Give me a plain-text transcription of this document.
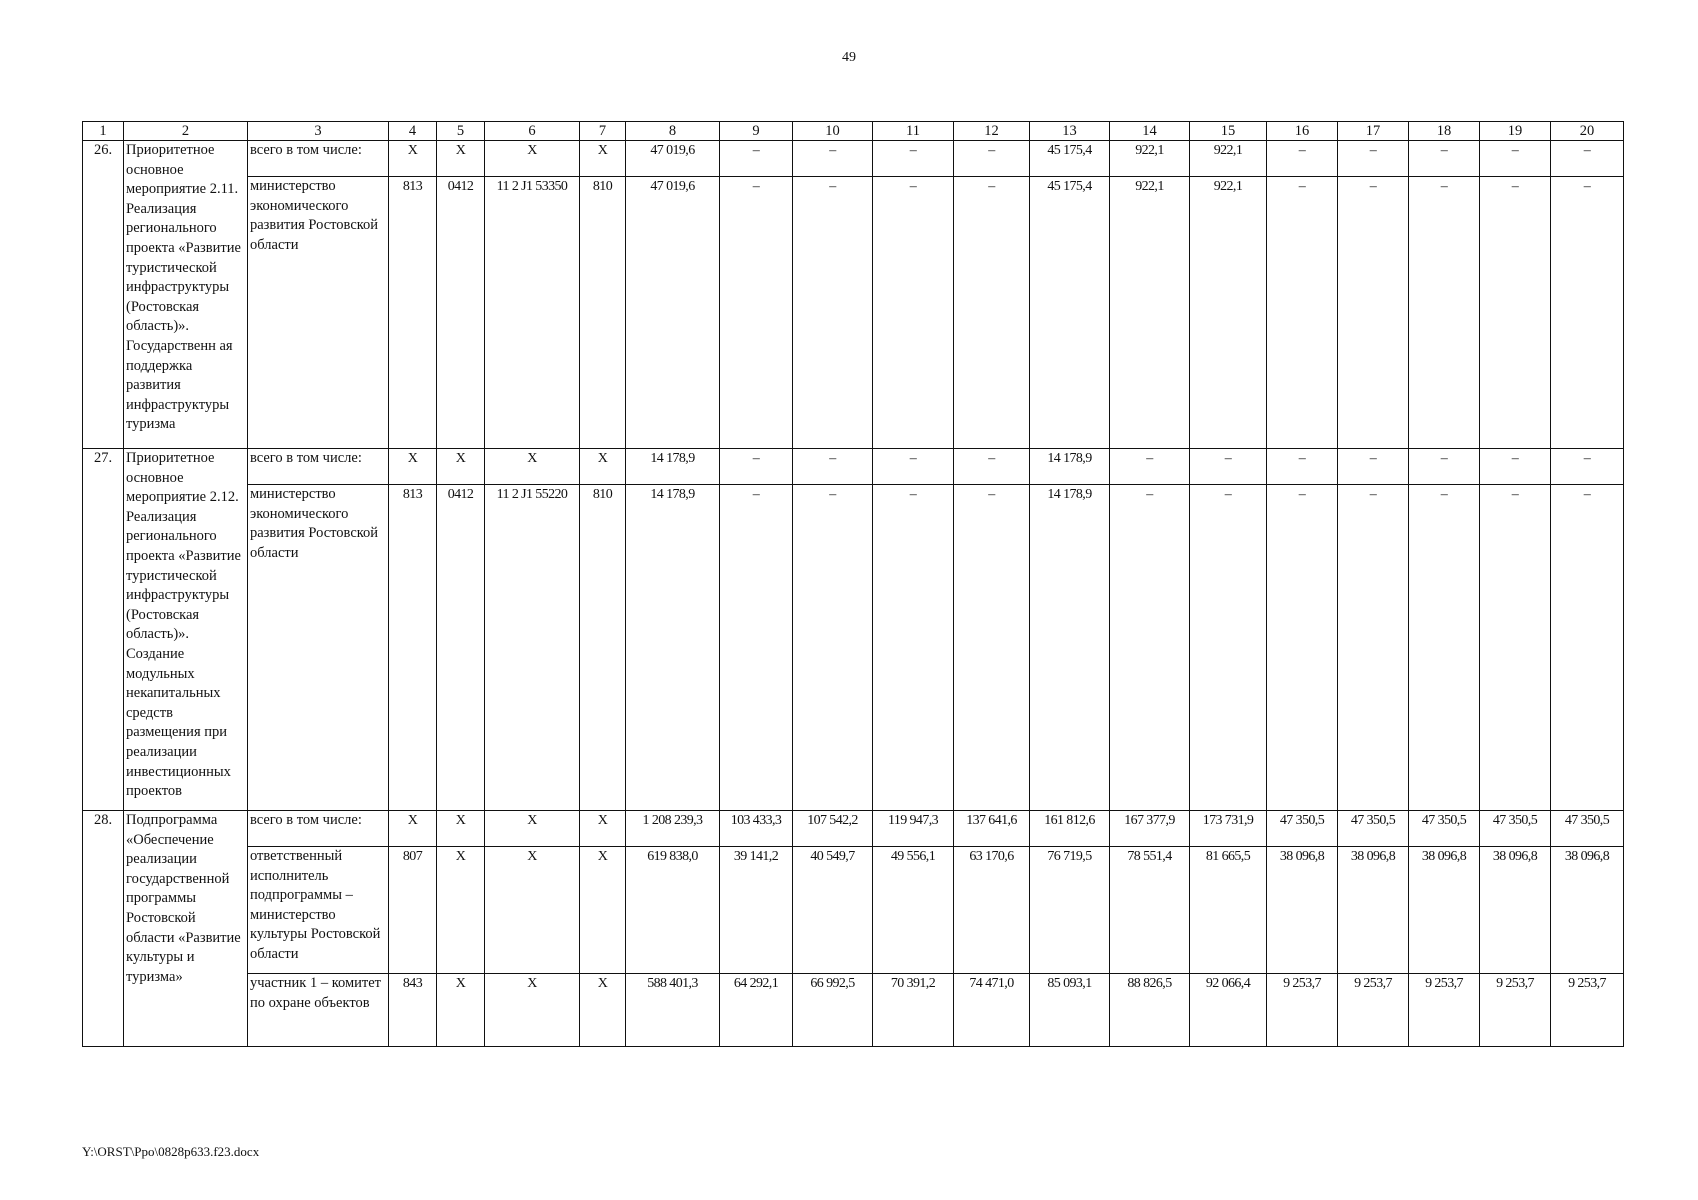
49
1	2	3	4	5	6	7	8	9	10	11	12	13	14	15	16	17	18	19	20
26.	Приоритетное основное мероприятие 2.11. Реализация регионального проекта «Развитие туристической инфраструктуры (Ростовская область)». Государственн ая поддержка развития инфраструктуры туризма	всего в том числе:	X	X	X	X	47 019,6	–	–	–	–	45 175,4	922,1	922,1	–	–	–	–	–
		министерство экономического развития Ростовской области	813	0412	11 2 J1 53350	810	47 019,6	–	–	–	–	45 175,4	922,1	922,1	–	–	–	–	–
27.	Приоритетное основное мероприятие 2.12. Реализация регионального проекта «Развитие туристической инфраструктуры (Ростовская область)». Создание модульных некапитальных средств размещения при реализации инвестиционных проектов	всего в том числе:	X	X	X	X	14 178,9	–	–	–	–	14 178,9	–	–	–	–	–	–	–
		министерство экономического развития Ростовской области	813	0412	11 2 J1 55220	810	14 178,9	–	–	–	–	14 178,9	–	–	–	–	–	–	–
28.	Подпрограмма «Обеспечение реализации государственной программы Ростовской области «Развитие культуры и туризма»	всего в том числе:	X	X	X	X	1 208 239,3	103 433,3	107 542,2	119 947,3	137 641,6	161 812,6	167 377,9	173 731,9	47 350,5	47 350,5	47 350,5	47 350,5	47 350,5
		ответственный исполнитель подпрограммы – министерство культуры Ростовской области	807	X	X	X	619 838,0	39 141,2	40 549,7	49 556,1	63 170,6	76 719,5	78 551,4	81 665,5	38 096,8	38 096,8	38 096,8	38 096,8	38 096,8
		участник 1 – комитет по охране объектов	843	X	X	X	588 401,3	64 292,1	66 992,5	70 391,2	74 471,0	85 093,1	88 826,5	92 066,4	9 253,7	9 253,7	9 253,7	9 253,7	9 253,7
Y:\ORST\Ppo\0828p633.f23.docx
